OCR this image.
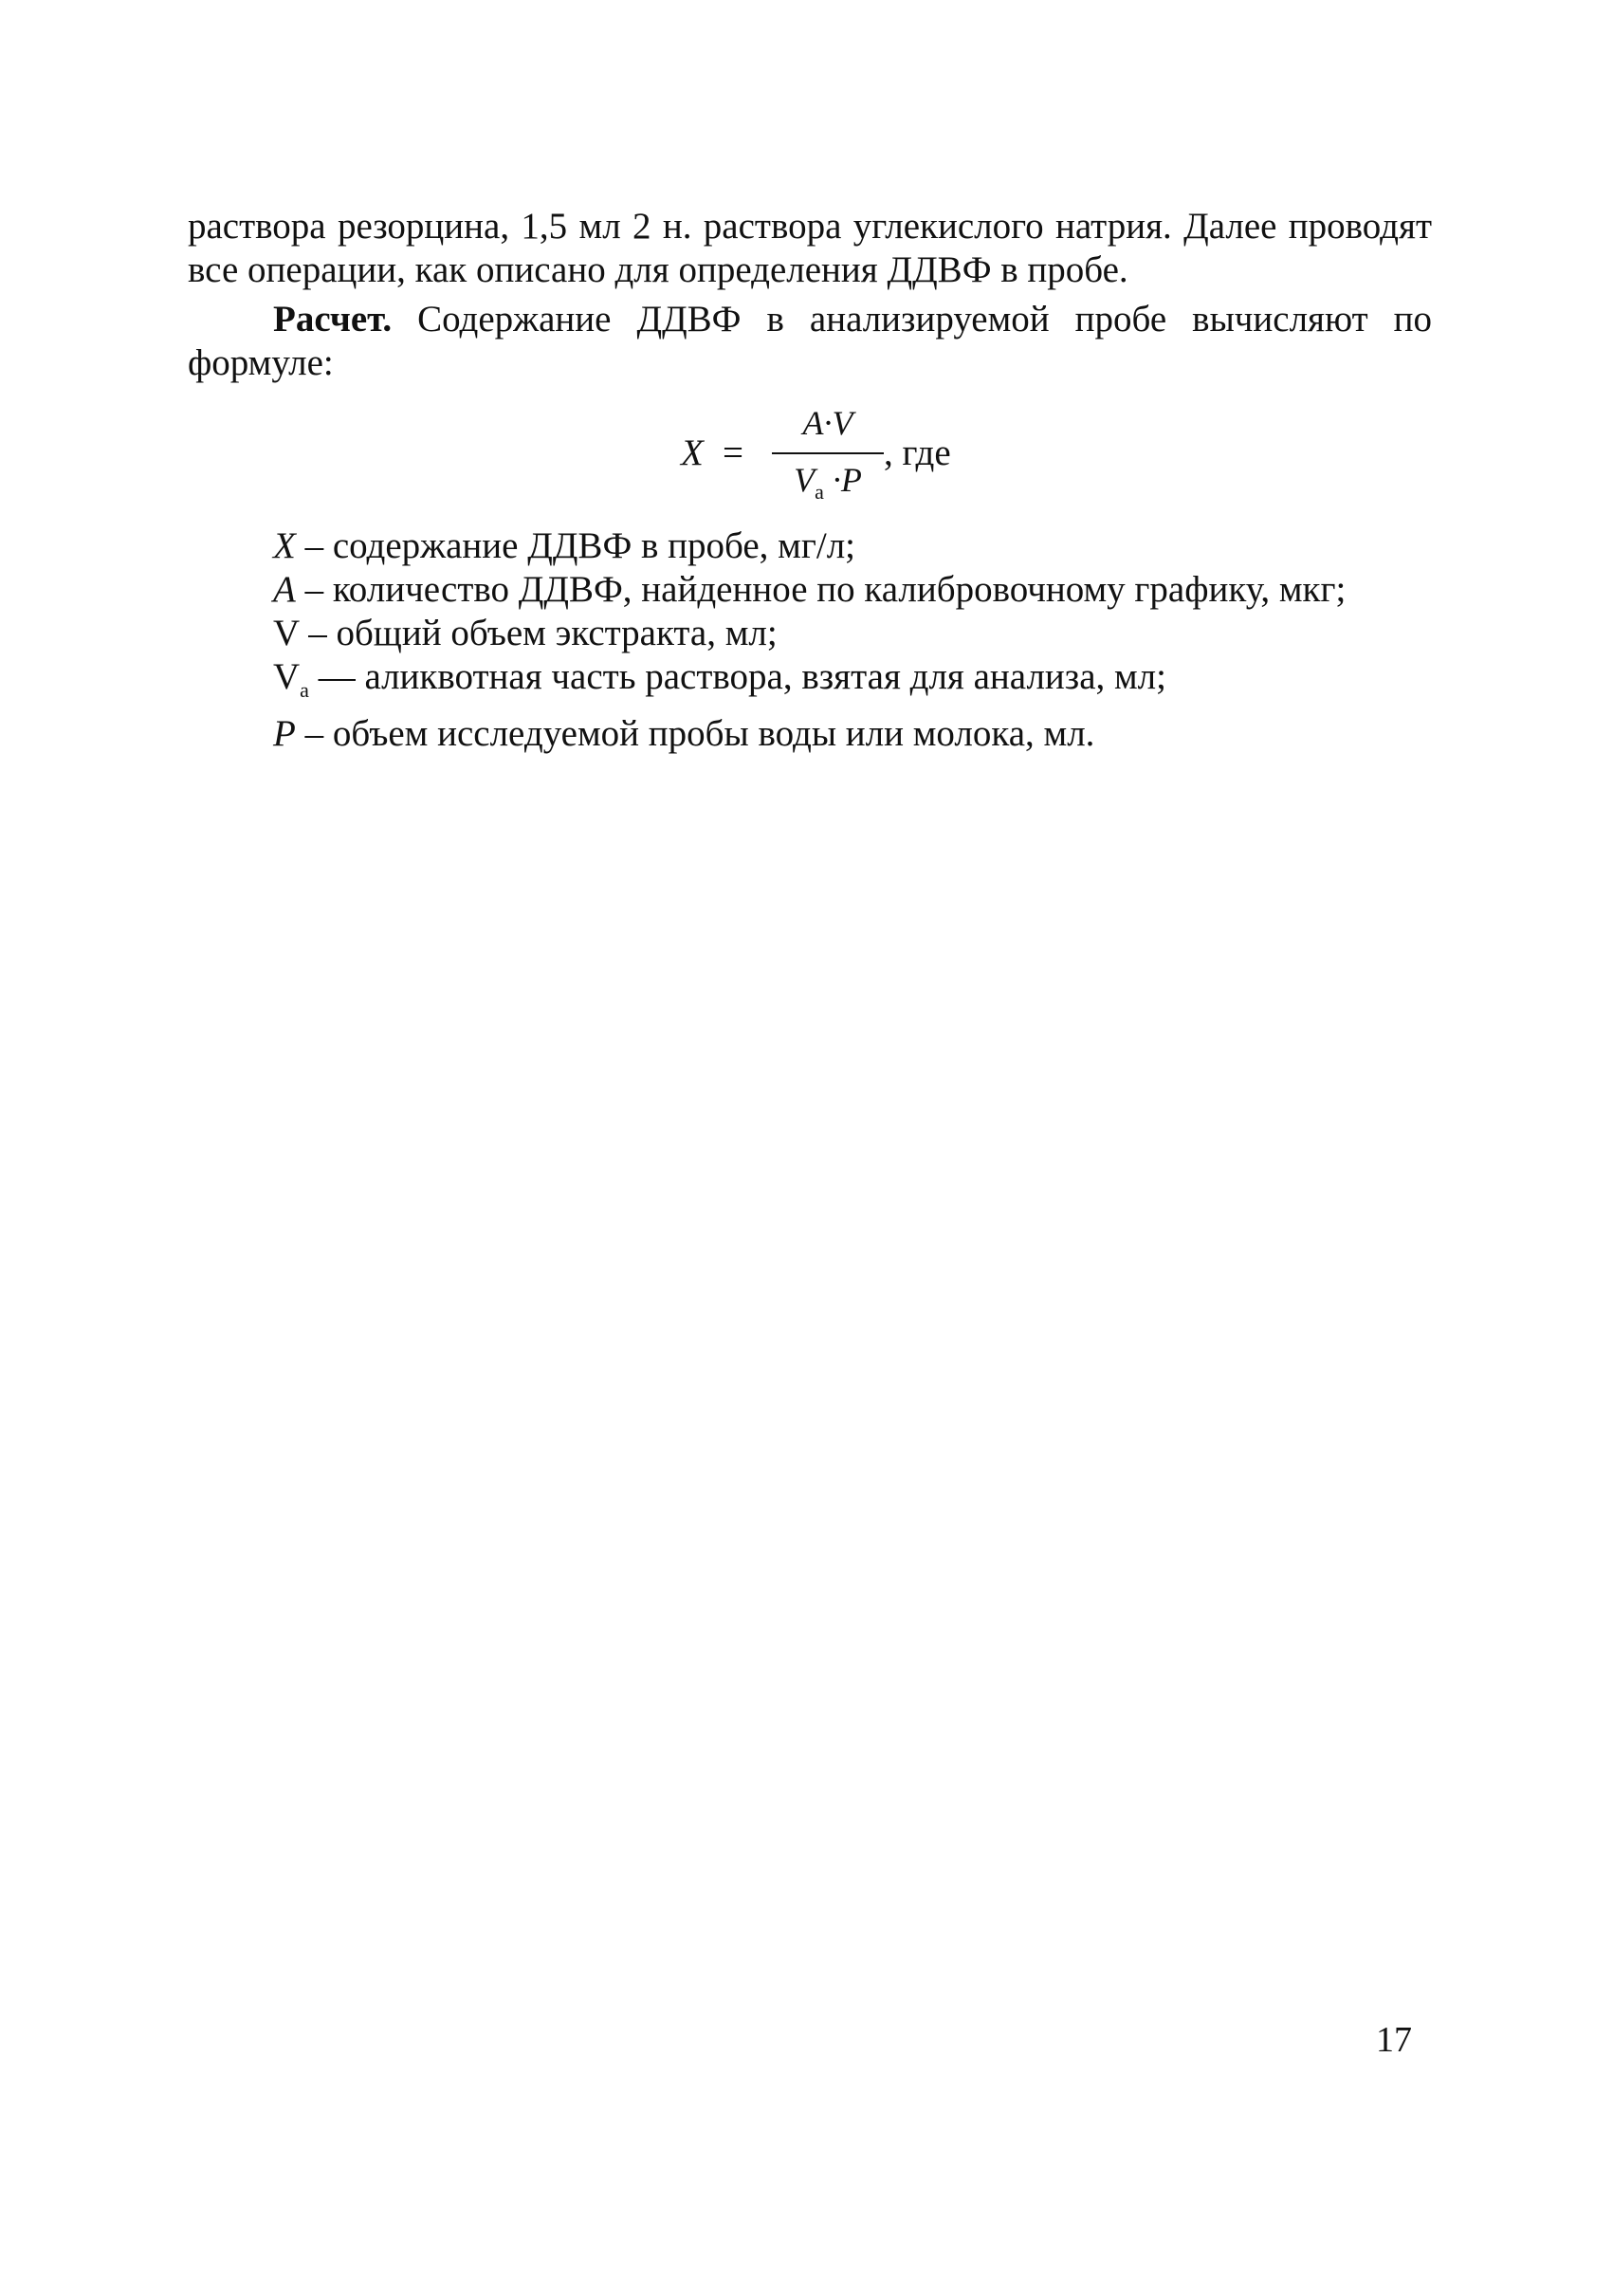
раствора резорцина, 1,5 мл 2 н. раствора углекислого натрия. Далее проводят все операции, как описано для определения ДДВФ в пробе.

Расчет. Содержание ДДВФ в анализируемой пробе вычисляют по формуле:

X =
A·V
$V_a \cdot P$
, где
X – содержание ДДВФ в пробе, мг/л;
A – количество ДДВФ, найденное по калибровочному графику, мкг;
V – общий объем экстракта, мл;
$V_a$ — аликвотная часть раствора, взятая для анализа, мл;
P – объем исследуемой пробы воды или молока, мл.
17
